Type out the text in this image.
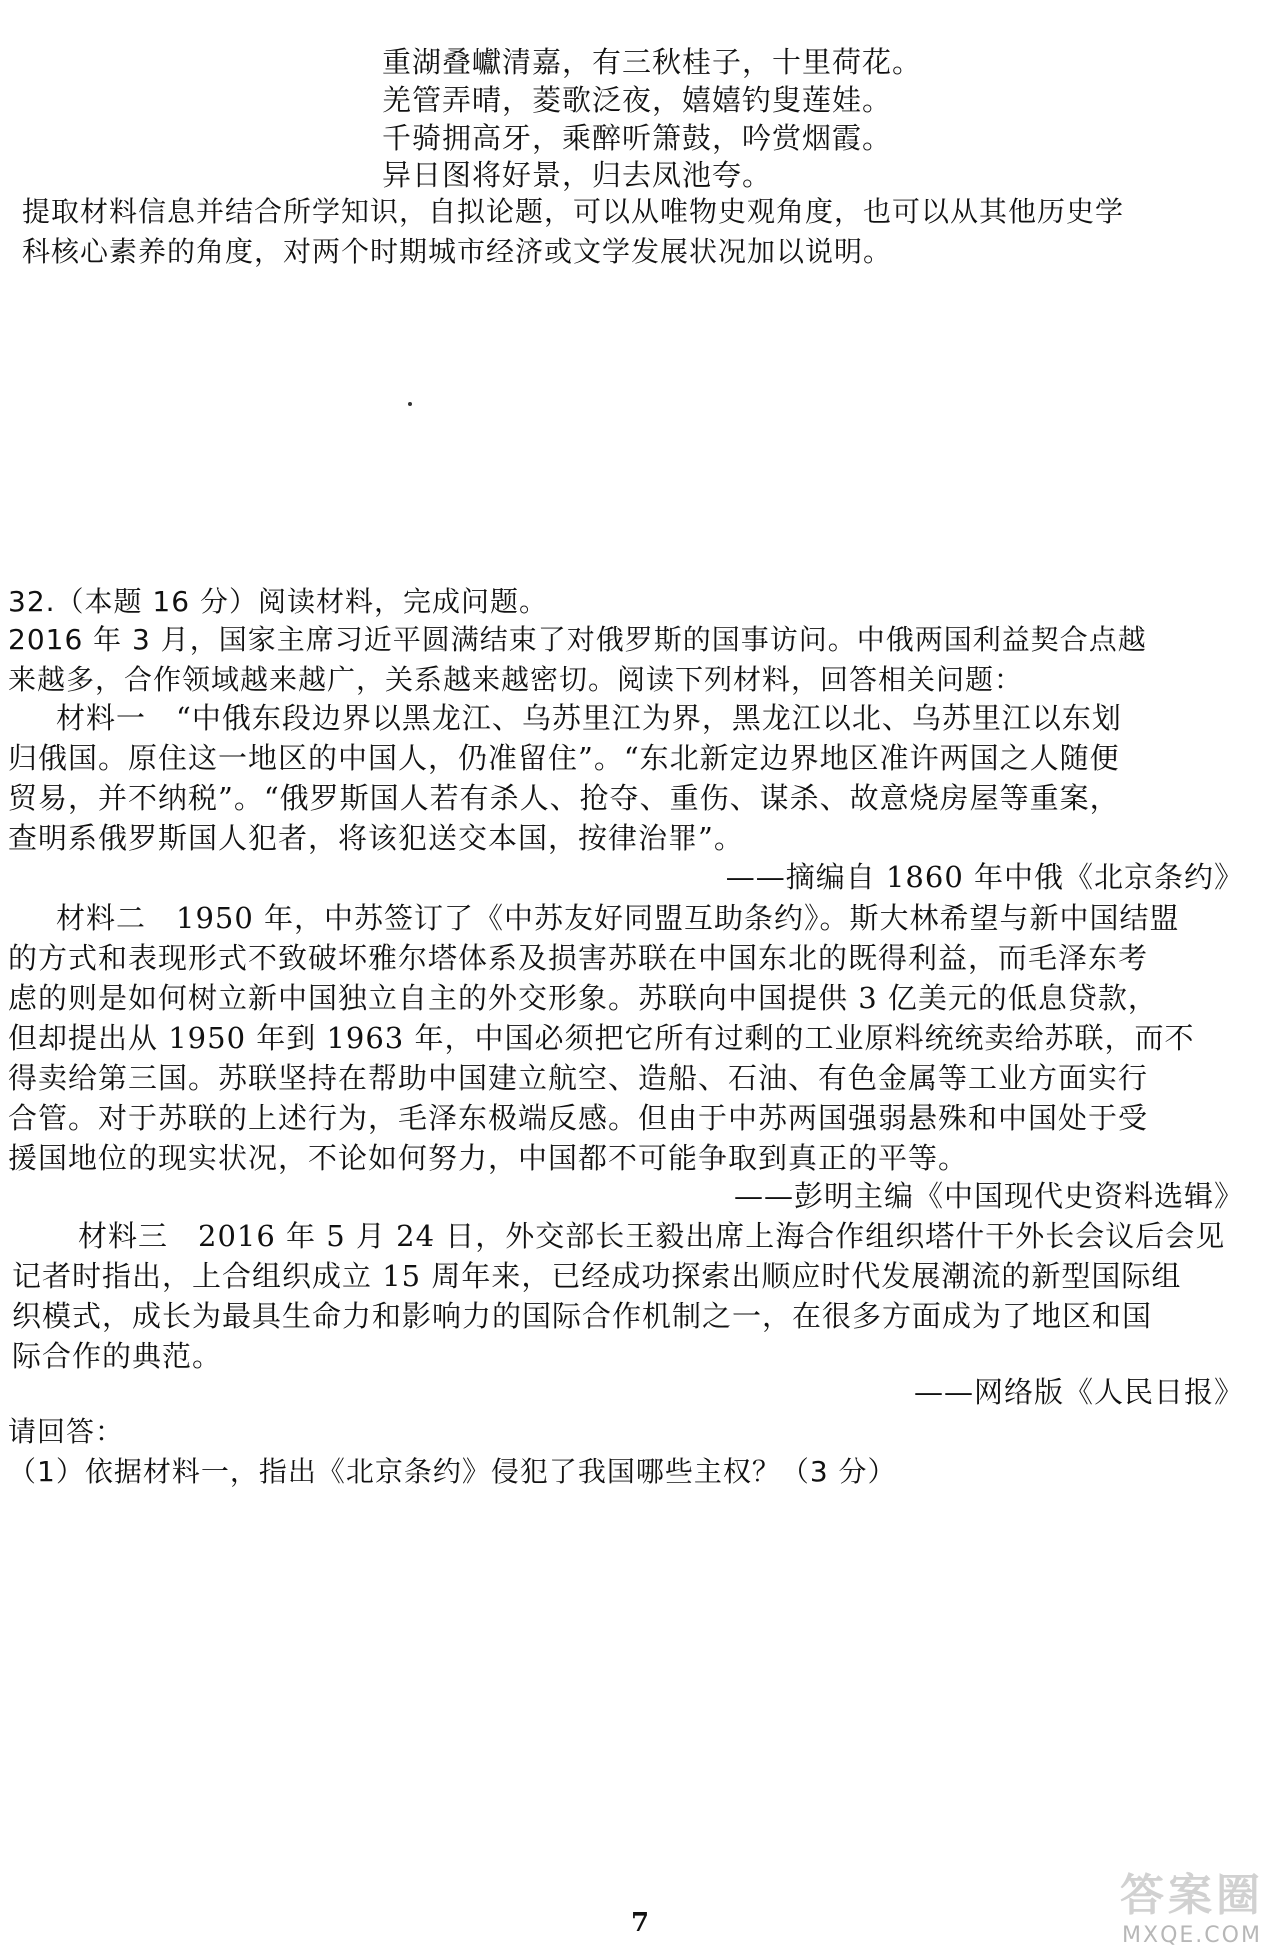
重湖叠巘清嘉，有三秋桂子，十里荷花。
羌管弄晴，菱歌泛夜，嬉嬉钓叟莲娃。
千骑拥高牙，乘醉听箫鼓，吟赏烟霞。
异日图将好景，归去凤池夸。
提取材料信息并结合所学知识，自拟论题，可以从唯物史观角度，也可以从其他历史学
科核心素养的角度，对两个时期城市经济或文学发展状况加以说明。
32.（本题 16 分）阅读材料，完成问题。
2016 年 3 月，国家主席习近平圆满结束了对俄罗斯的国事访问。中俄两国利益契合点越
来越多，合作领域越来越广，关系越来越密切。阅读下列材料，回答相关问题：
材料一　“中俄东段边界以黑龙江、乌苏里江为界，黑龙江以北、乌苏里江以东划
归俄国。原住这一地区的中国人，仍准留住”。“东北新定边界地区准许两国之人随便
贸易，并不纳税”。“俄罗斯国人若有杀人、抢夺、重伤、谋杀、故意烧房屋等重案，
查明系俄罗斯国人犯者，将该犯送交本国，按律治罪”。
——摘编自 1860 年中俄《北京条约》
材料二　1950 年，中苏签订了《中苏友好同盟互助条约》。斯大林希望与新中国结盟
的方式和表现形式不致破坏雅尔塔体系及损害苏联在中国东北的既得利益，而毛泽东考
虑的则是如何树立新中国独立自主的外交形象。苏联向中国提供 3 亿美元的低息贷款，
但却提出从 1950 年到 1963 年，中国必须把它所有过剩的工业原料统统卖给苏联，而不
得卖给第三国。苏联坚持在帮助中国建立航空、造船、石油、有色金属等工业方面实行
合管。对于苏联的上述行为，毛泽东极端反感。但由于中苏两国强弱悬殊和中国处于受
援国地位的现实状况，不论如何努力，中国都不可能争取到真正的平等。
——彭明主编《中国现代史资料选辑》
材料三　2016 年 5 月 24 日，外交部长王毅出席上海合作组织塔什干外长会议后会见
记者时指出，上合组织成立 15 周年来，已经成功探索出顺应时代发展潮流的新型国际组
织模式，成长为最具生命力和影响力的国际合作机制之一，在很多方面成为了地区和国
际合作的典范。
——网络版《人民日报》
请回答：
（1）依据材料一，指出《北京条约》侵犯了我国哪些主权？（3 分）
7
答案圈
MXQE.COM
